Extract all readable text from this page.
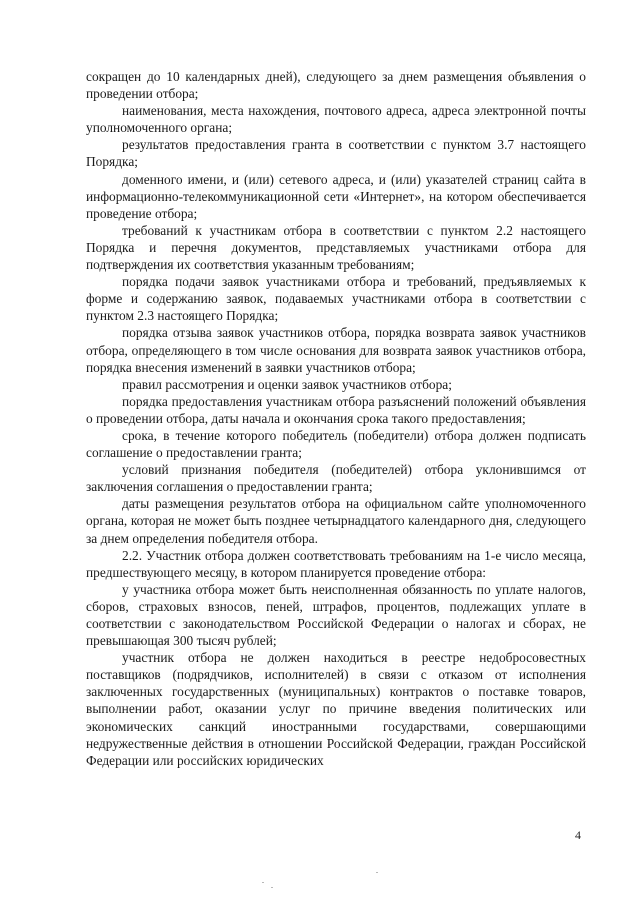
сокращен до 10 календарных дней), следующего за днем размещения объявления о проведении отбора;

наименования, места нахождения, почтового адреса, адреса электронной почты уполномоченного органа;

результатов предоставления гранта в соответствии с пунктом 3.7 настоящего Порядка;

доменного имени, и (или) сетевого адреса, и (или) указателей страниц сайта в информационно-телекоммуникационной сети «Интернет», на котором обеспечивается проведение отбора;

требований к участникам отбора в соответствии с пунктом 2.2 настоящего Порядка и перечня документов, представляемых участниками отбора для подтверждения их соответствия указанным требованиям;

порядка подачи заявок участниками отбора и требований, предъявляемых к форме и содержанию заявок, подаваемых участниками отбора в соответствии с пунктом 2.3 настоящего Порядка;

порядка отзыва заявок участников отбора, порядка возврата заявок участников отбора, определяющего в том числе основания для возврата заявок участников отбора, порядка внесения изменений в заявки участников отбора;

правил рассмотрения и оценки заявок участников отбора;

порядка предоставления участникам отбора разъяснений положений объявления о проведении отбора, даты начала и окончания срока такого предоставления;

срока, в течение которого победитель (победители) отбора должен подписать соглашение о предоставлении гранта;

условий признания победителя (победителей) отбора уклонившимся от заключения соглашения о предоставлении гранта;

даты размещения результатов отбора на официальном сайте уполномоченного органа, которая не может быть позднее четырнадцатого календарного дня, следующего за днем определения победителя отбора.

2.2. Участник отбора должен соответствовать требованиям на 1-е число месяца, предшествующего месяцу, в котором планируется проведение отбора:

у участника отбора может быть неисполненная обязанность по уплате налогов, сборов, страховых взносов, пеней, штрафов, процентов, подлежащих уплате в соответствии с законодательством Российской Федерации о налогах и сборах, не превышающая 300 тысяч рублей;

участник отбора не должен находиться в реестре недобросовестных поставщиков (подрядчиков, исполнителей) в связи с отказом от исполнения заключенных государственных (муниципальных) контрактов о поставке товаров, выполнении работ, оказании услуг по причине введения политических или экономических санкций иностранными государствами, совершающими недружественные действия в отношении Российской Федерации, граждан Российской Федерации или российских юридических

4
